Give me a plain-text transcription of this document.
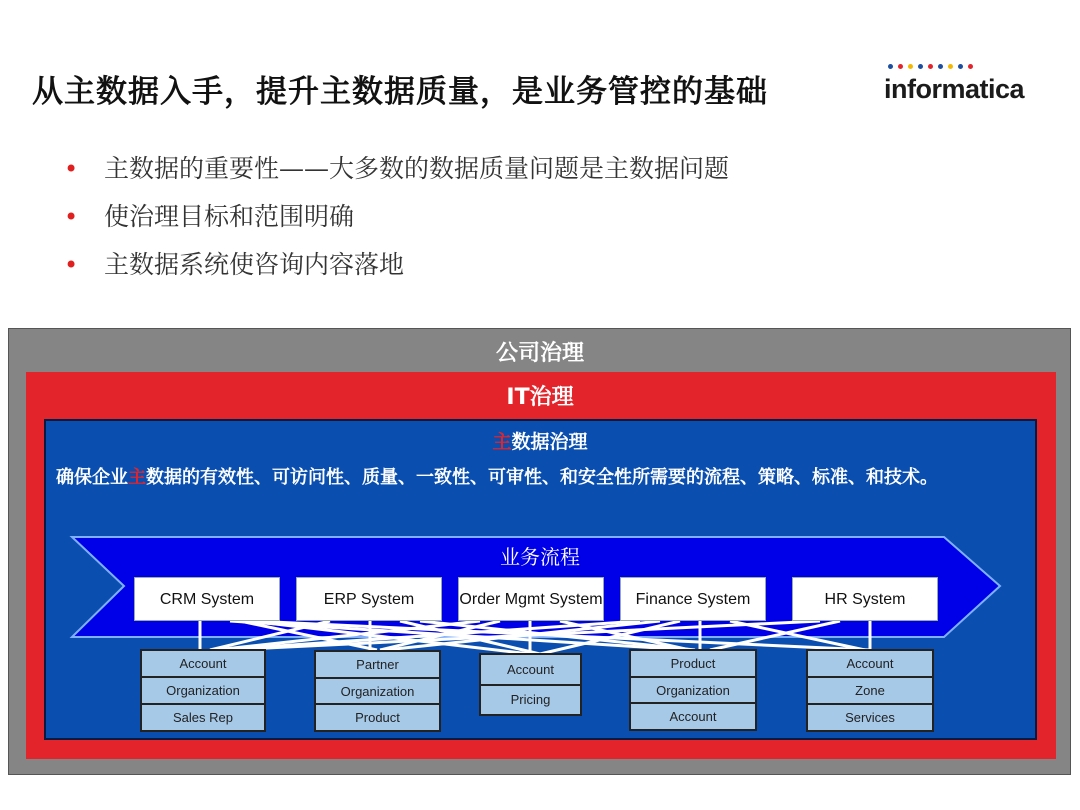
从主数据入手，提升主数据质量，是业务管控的基础	informatica
•	主数据的重要性——大多数的数据质量问题是主数据问题
•	使治理目标和范围明确
•	主数据系统使咨询内容落地
公司治理
IT治理
主数据治理
确保企业主数据的有效性、可访问性、质量、一致性、可审性、和安全性所需要的流程、策略、标准、和技术。
业务流程
CRM System	ERP System	Order Mgmt System	Finance System	HR System
Account
Organization
Sales Rep
Partner
Organization
Product
Account
Pricing
Product
Organization
Account
Account
Zone
Services
